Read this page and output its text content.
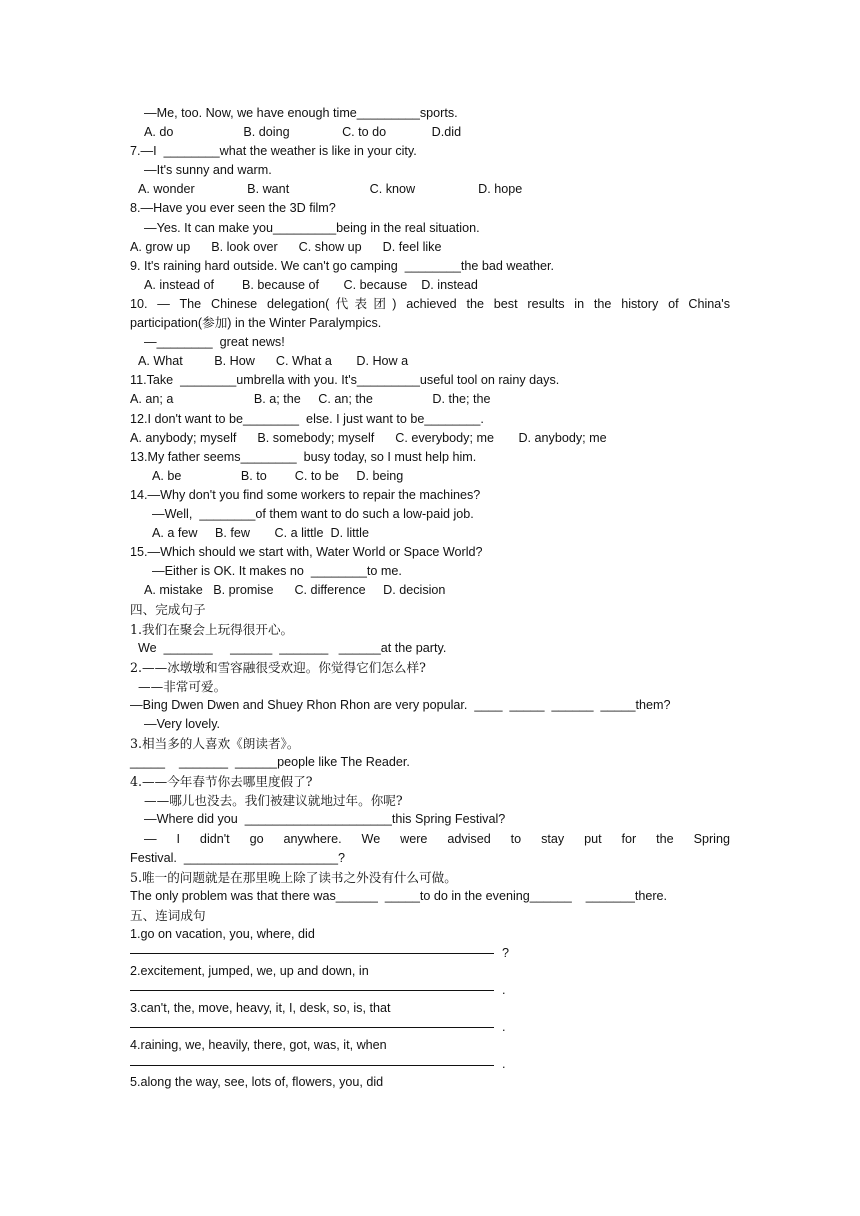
—Me, too. Now, we have enough time_________sports.
A. do                    B. doing               C. to do             D.did
7.—I  ________what the weather is like in your city.
—It's sunny and warm.
A. wonder               B. want                       C. know                  D. hope
8.—Have you ever seen the 3D film?
—Yes. It can make you_________being in the real situation.
A. grow up      B. look over      C. show up      D. feel like
9. It's raining hard outside. We can't go camping  ________the bad weather.
A. instead of        B. because of       C. because    D. instead
10. — The Chinese delegation(代表团) achieved the best results in the history of China's
participation(参加) in the Winter Paralympics.
—________  great news!
A. What         B. How      C. What a       D. How a
11.Take  ________umbrella with you. It's_________useful tool on rainy days.
A. an; a                       B. a; the     C. an; the                 D. the; the
12.I don't want to be________  else. I just want to be________.
A. anybody; myself      B. somebody; myself      C. everybody; me       D. anybody; me
13.My father seems________  busy today, so I must help him.
A. be                 B. to        C. to be     D. being
14.—Why don't you find some workers to repair the machines?
—Well,  ________of them want to do such a low-paid job.
A. a few     B. few       C. a little  D. little
15.—Which should we start with, Water World or Space World?
—Either is OK. It makes no  ________to me.
A. mistake   B. promise      C. difference     D. decision
四、完成句子
1.我们在聚会上玩得很开心。
We  _______     ______  _______   ______at the party.
2.——冰墩墩和雪容融很受欢迎。你觉得它们怎么样?
——非常可爱。
—Bing Dwen Dwen and Shuey Rhon Rhon are very popular.  ____  _____  ______  _____them?
—Very lovely.
3.相当多的人喜欢《朗读者》。
_____    _______  ______people like The Reader.
4.——今年春节你去哪里度假了?
——哪儿也没去。我们被建议就地过年。你呢?
—Where did you  _____________________this Spring Festival?
— I didn't go anywhere. We were advised to stay put for the Spring
Festival.  ______________________?
5.唯一的问题就是在那里晚上除了读书之外没有什么可做。
The only problem was that there was______  _____to do in the evening______    _______there.
五、连词成句
1.go on vacation, you, where, did
?
2.excitement, jumped, we, up and down, in
.
3.can't, the, move, heavy, it, I, desk, so, is, that
.
4.raining, we, heavily, there, got, was, it, when
.
5.along the way, see, lots of, flowers, you, did
